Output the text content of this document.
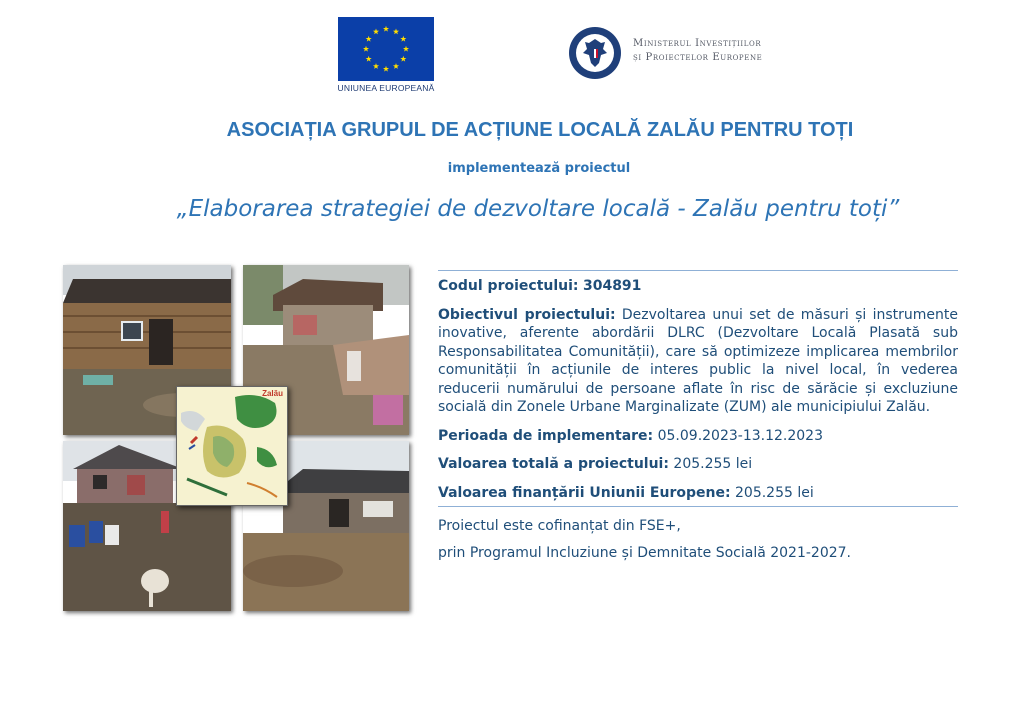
UNIUNEA EUROPEANĂ
Ministerul Investițiilor
și Proiectelor Europene
ASOCIAȚIA GRUPUL DE ACȚIUNE LOCALĂ ZALĂU PENTRU TOȚI
implementează proiectul
„Elaborarea strategiei de dezvoltare locală - Zalău pentru toți”
Zalău

Codul proiectului: 304891

Obiectivul proiectului: Dezvoltarea unui set de măsuri și instrumente inovative, aferente abordării DLRC (Dezvoltare Locală Plasată sub Responsabilitatea Comunității), care să optimizeze implicarea membrilor comunității în acțiunile de interes public la nivel local, în vederea reducerii numărului de persoane aflate în risc de sărăcie și excluziune socială din Zonele Urbane Marginalizate (ZUM) ale municipiului Zalău.

Perioada de implementare: 05.09.2023-13.12.2023

Valoarea totală a proiectului: 205.255 lei

Valoarea finanțării Uniunii Europene: 205.255 lei

Proiectul este cofinanțat din FSE+,

prin Programul Incluziune și Demnitate Socială 2021-2027.
